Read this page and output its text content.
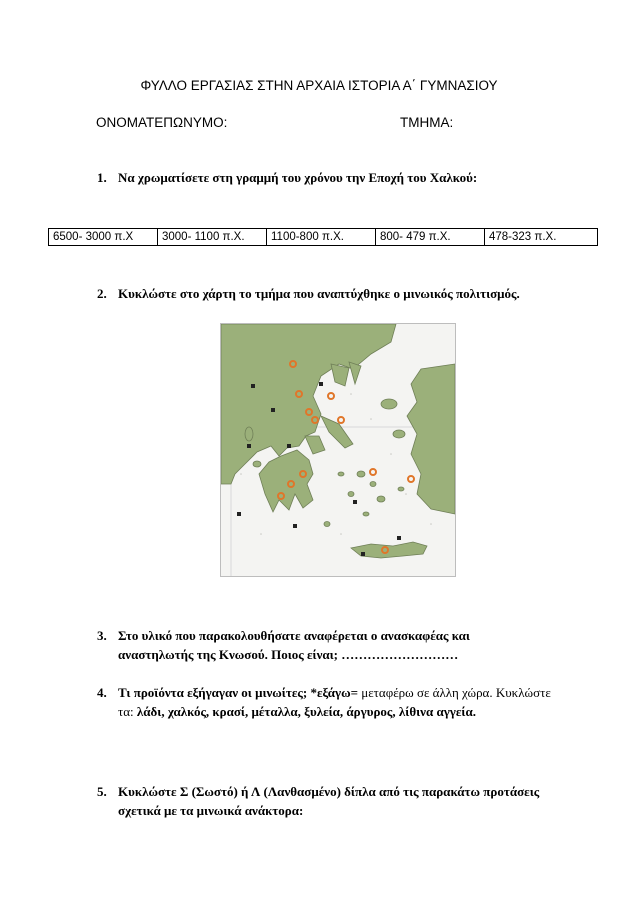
ΦΥΛΛΟ ΕΡΓΑΣΙΑΣ ΣΤΗΝ ΑΡΧΑΙΑ ΙΣΤΟΡΙΑ Α΄ ΓΥΜΝΑΣΙΟΥ
ΟΝΟΜΑΤΕΠΩΝΥΜΟ:	ΤΜΗΜΑ:
1. Να χρωματίσετε στη γραμμή του χρόνου την Εποχή του Χαλκού:
6500- 3000 π.Χ	3000- 1100 π.Χ.	1100-800 π.Χ.	800- 479 π.Χ.	478-323 π.Χ.
2. Κυκλώστε στο χάρτη το τμήμα που αναπτύχθηκε ο μινωικός πολιτισμός.
3. Στο υλικό που παρακολουθήσατε αναφέρεται ο ανασκαφέας και αναστηλωτής της Κνωσού. Ποιος είναι; ………………………
4. Τι προϊόντα εξήγαγαν οι μινωίτες; *εξάγω= μεταφέρω σε άλλη χώρα. Κυκλώστε τα: λάδι, χαλκός, κρασί, μέταλλα, ξυλεία, άργυρος, λίθινα αγγεία.
5. Κυκλώστε Σ (Σωστό) ή Λ (Λανθασμένο) δίπλα από τις παρακάτω προτάσεις σχετικά με τα μινωικά ανάκτορα:
